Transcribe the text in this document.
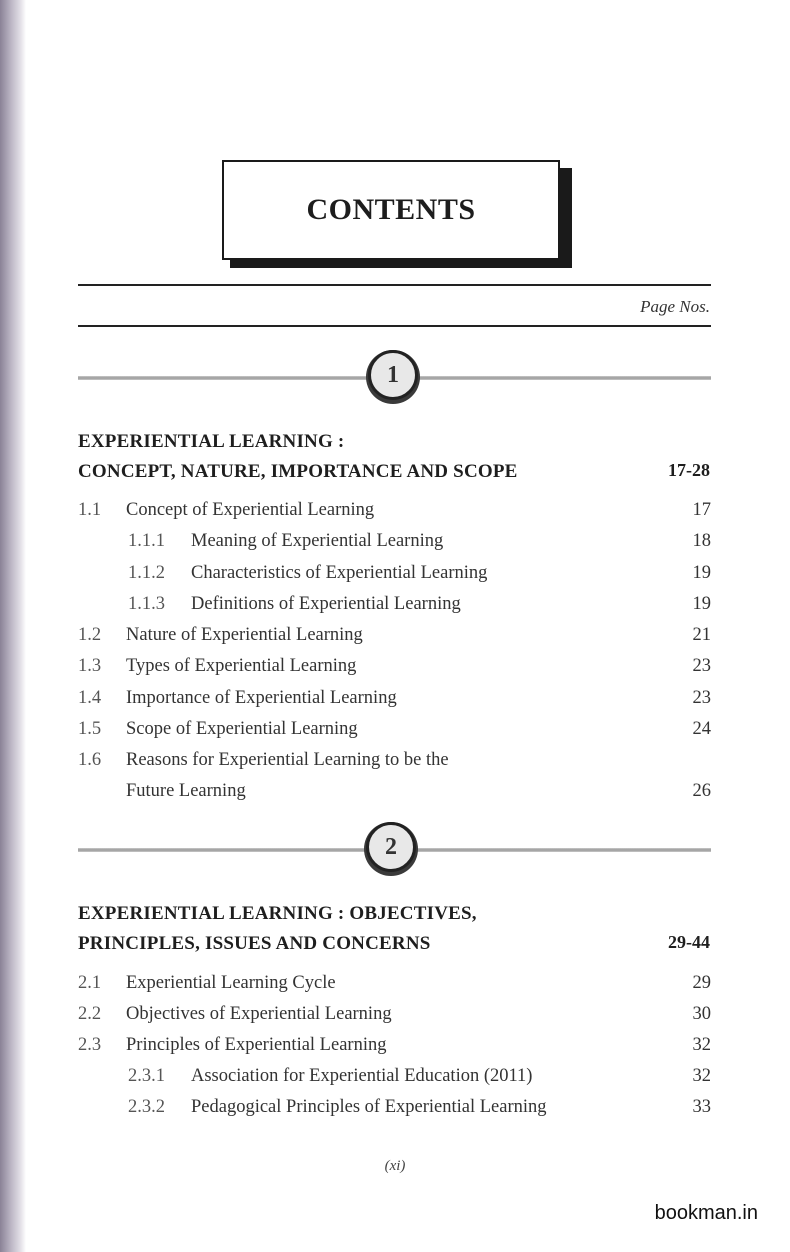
CONTENTS
Page Nos.
1
EXPERIENTIAL LEARNING :
CONCEPT, NATURE, IMPORTANCE AND SCOPE	17-28
1.1 Concept of Experiential Learning	17
1.1.1 Meaning of Experiential Learning	18
1.1.2 Characteristics of Experiential Learning	19
1.1.3 Definitions of Experiential Learning	19
1.2 Nature of Experiential Learning	21
1.3 Types of Experiential Learning	23
1.4 Importance of Experiential Learning	23
1.5 Scope of Experiential Learning	24
1.6 Reasons for Experiential Learning to be the
Future Learning	26
2
EXPERIENTIAL LEARNING : OBJECTIVES,
PRINCIPLES, ISSUES AND CONCERNS	29-44
2.1 Experiential Learning Cycle	29
2.2 Objectives of Experiential Learning	30
2.3 Principles of Experiential Learning	32
2.3.1 Association for Experiential Education (2011)	32
2.3.2 Pedagogical Principles of Experiential Learning	33
(xi)
bookman.in
